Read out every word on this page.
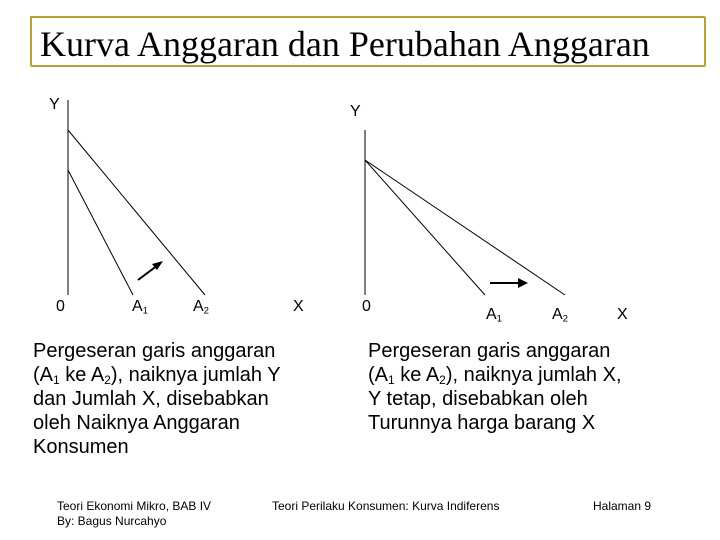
Kurva Anggaran dan Perubahan Anggaran
Y
0	$A_1$	$A_2$	X
Y
0	$A_1$	$A_2$	X
Pergeseran garis anggaran
($A_1$ ke $A_2$), naiknya jumlah Y
dan Jumlah X, disebabkan
oleh Naiknya Anggaran
Konsumen
Pergeseran garis anggaran
($A_1$ ke $A_2$), naiknya jumlah X,
Y tetap, disebabkan oleh
Turunnya harga barang X
Teori Ekonomi Mikro, BAB IV
By: Bagus Nurcahyo
Teori Perilaku Konsumen: Kurva Indiferens	Halaman 9
